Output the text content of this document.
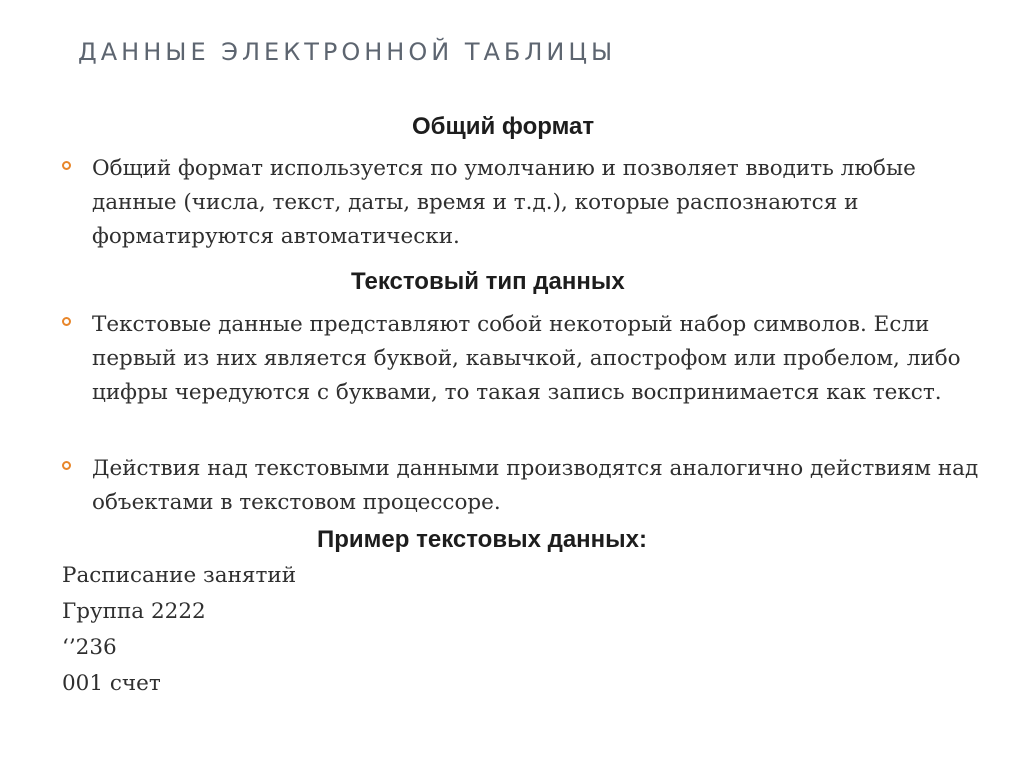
ДАННЫЕ ЭЛЕКТРОННОЙ ТАБЛИЦЫ
Общий формат
Общий формат используется по умолчанию и позволяет вводить любые данные (числа, текст, даты, время и т.д.), которые распознаются и форматируются автоматически.
Текстовый тип данных
Текстовые данные представляют собой некоторый набор символов. Если первый из них является буквой, кавычкой, апострофом или пробелом, либо цифры чередуются с буквами, то такая запись воспринимается как текст.
Действия над текстовыми данными производятся аналогично действиям над объектами в текстовом процессоре.
Пример текстовых данных:
Расписание занятий
Группа 2222
‘’236
001 счет
